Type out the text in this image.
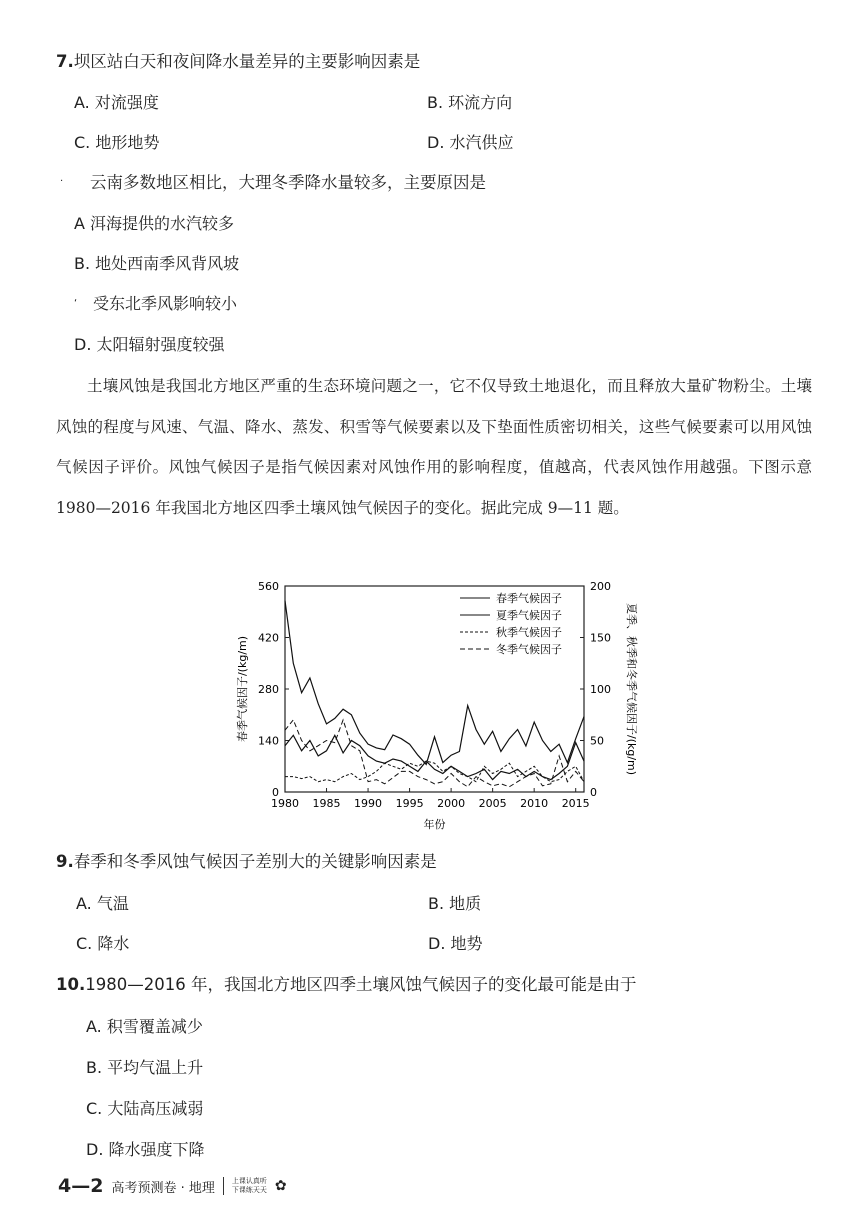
7.坝区站白天和夜间降水量差异的主要影响因素是
A. 对流强度	B. 环流方向
C. 地形地势	D. 水汽供应
· 云南多数地区相比，大理冬季降水量较多，主要原因是
A 洱海提供的水汽较多
B. 地处西南季风背风坡
‘ 受东北季风影响较小
D. 太阳辐射强度较强
土壤风蚀是我国北方地区严重的生态环境问题之一，它不仅导致土地退化，而且释放大量矿物粉尘。土壤风蚀的程度与风速、气温、降水、蒸发、积雪等气候要素以及下垫面性质密切相关，这些气候要素可以用风蚀气候因子评价。风蚀气候因子是指气候因素对风蚀作用的影响程度，值越高，代表风蚀作用越强。下图示意 1980—2016 年我国北方地区四季土壤风蚀气候因子的变化。据此完成 9—11 题。
1980 1985 1990 1995 2000 2005 2010 2015
0
140
280
420
560
0
50
100
150
200
春季气候因子
夏季气候因子
秋季气候因子
冬季气候因子
年份
春季气候因子/(kg/m)	夏季、秋季和冬季气候因子/(kg/m)
9.春季和冬季风蚀气候因子差别大的关键影响因素是
A. 气温	B. 地质
C. 降水	D. 地势
10.1980—2016 年，我国北方地区四季土壤风蚀气候因子的变化最可能是由于
A. 积雪覆盖减少
B. 平均气温上升
C. 大陆高压减弱
D. 降水强度下降
4—2 高考预测卷 · 地理 上课认真听
下课练天天 ✿
